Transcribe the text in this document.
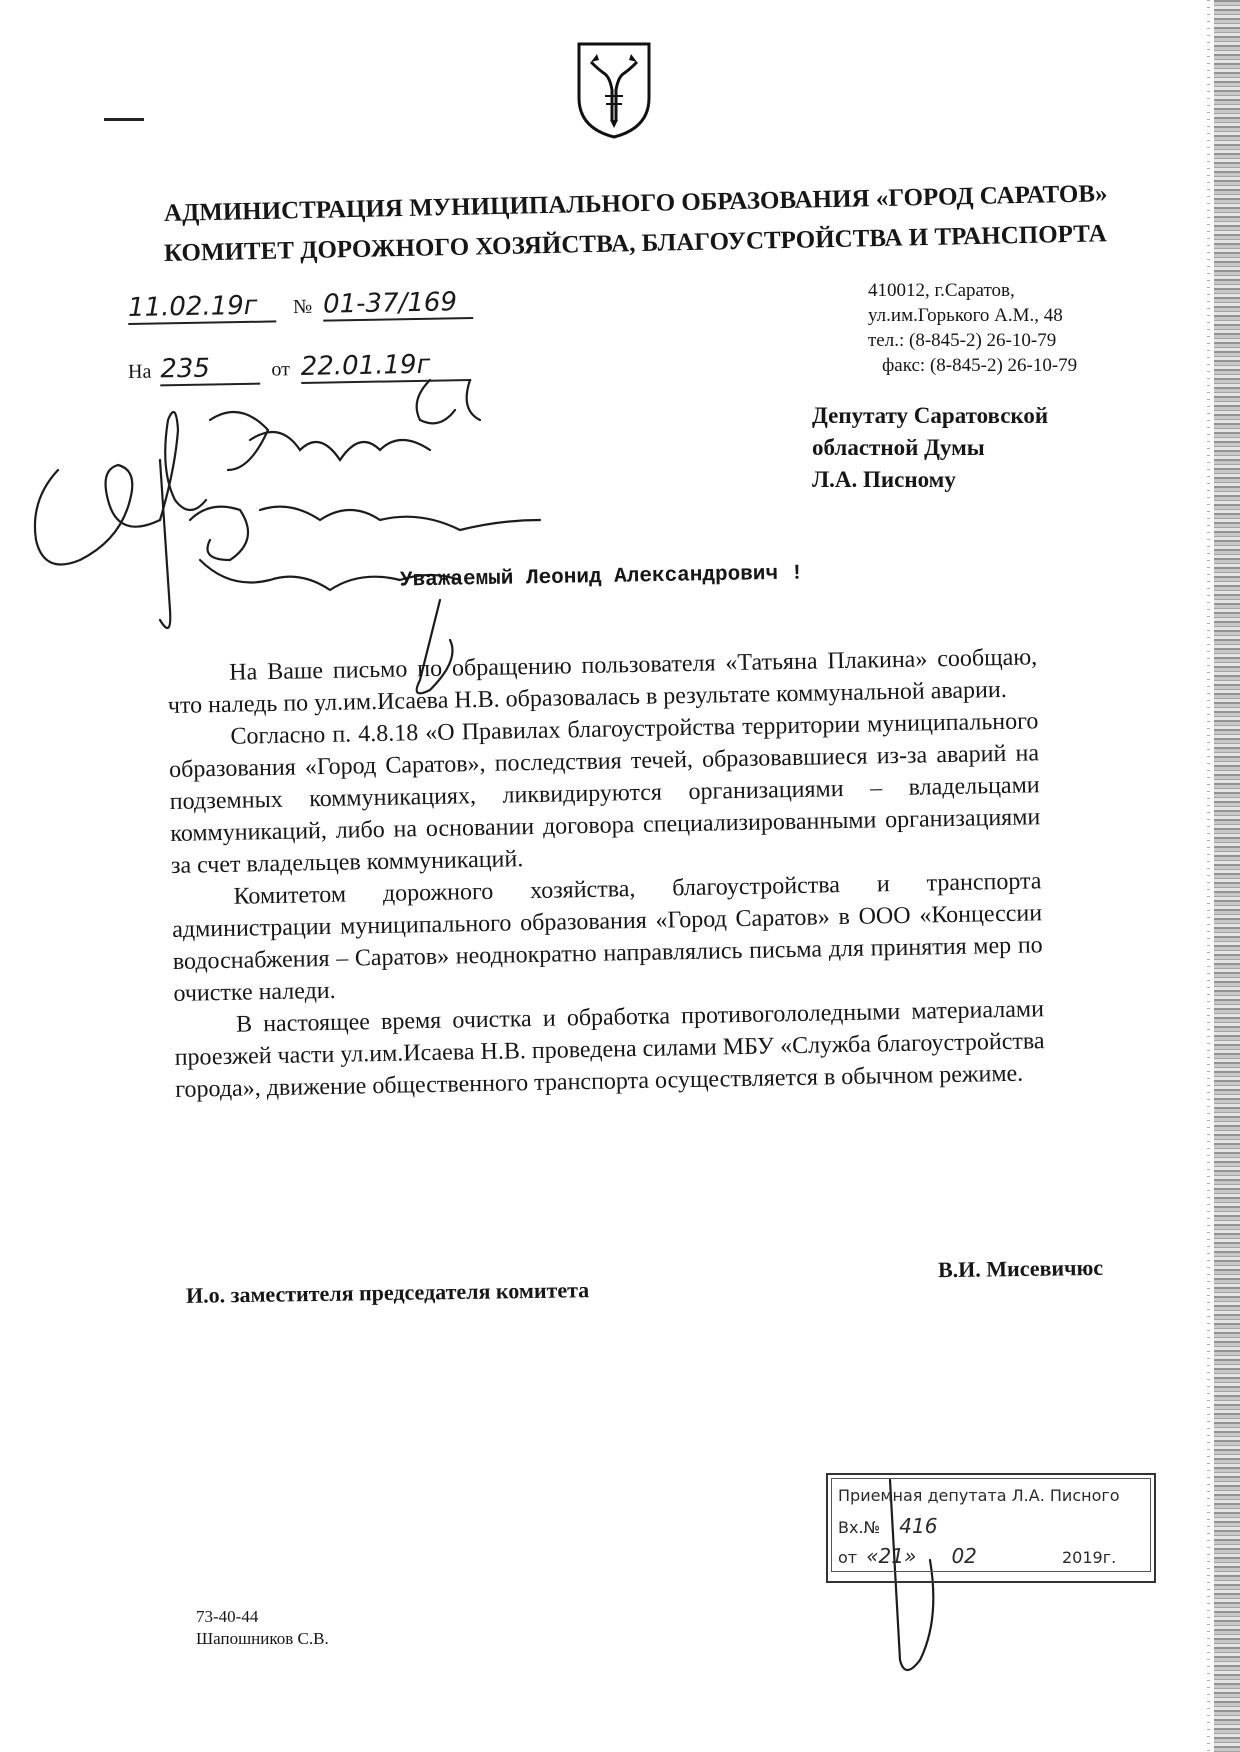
АДМИНИСТРАЦИЯ МУНИЦИПАЛЬНОГО ОБРАЗОВАНИЯ «ГОРОД САРАТОВ»
КОМИТЕТ ДОРОЖНОГО ХОЗЯЙСТВА, БЛАГОУСТРОЙСТВА И ТРАНСПОРТА
11.02.19г № 01-37/169
На 235	от 22.01.19г
410012, г.Саратов,
ул.им.Горького А.М., 48
тел.: (8-845-2) 26-10-79
факс: (8-845-2) 26-10-79
Депутату Саратовской
областной Думы
Л.А. Писному
Уважаемый Леонид Александрович !

На Ваше письмо по обращению пользователя «Татьяна Плакина» сообщаю, что наледь по ул.им.Исаева Н.В. образовалась в результате коммунальной аварии.

Согласно п. 4.8.18 «О Правилах благоустройства территории муниципального образования «Город Саратов», последствия течей, образовавшиеся из-за аварий на подземных коммуникациях, ликвидируются организациями – владельцами коммуникаций, либо на основании договора специализированными организациями за счет владельцев коммуникаций.

Комитетом дорожного хозяйства, благоустройства и транспорта администрации муниципального образования «Город Саратов» в ООО «Концессии водоснабжения – Саратов» неоднократно направлялись письма для принятия мер по очистке наледи.

В настоящее время очистка и обработка противогололедными материалами проезжей части ул.им.Исаева Н.В. проведена силами МБУ «Служба благоустройства города», движение общественного транспорта осуществляется в обычном режиме.

И.о. заместителя председателя комитета
В.И. Мисевичюс
Приемная депутата Л.А. Писного
Вх.№ 416
от «21» 02	2019г.
73-40-44
Шапошников С.В.
